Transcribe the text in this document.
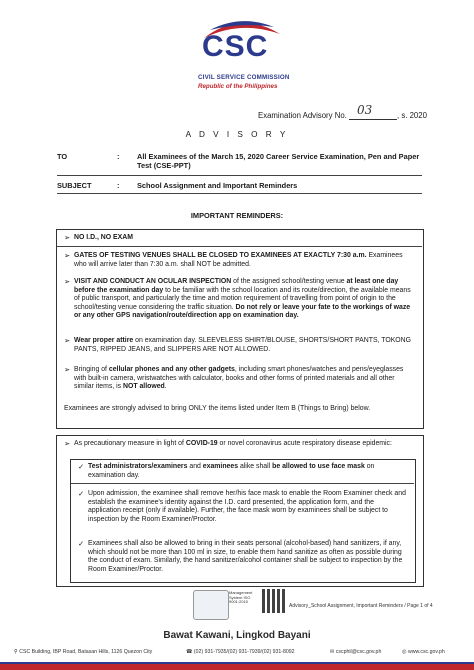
CSC
CIVIL SERVICE COMMISSION
Republic of the Philippines
Examination Advisory No. 03	, s. 2020
A D V I S O R Y
TO	: All Examinees of the March 15, 2020 Career Service Examination, Pen and Paper Test (CSE-PPT)
SUBJECT	: School Assignment and Important Reminders
IMPORTANT REMINDERS:
➢ NO I.D., NO EXAM
➢ GATES OF TESTING VENUES SHALL BE CLOSED TO EXAMINEES AT EXACTLY 7:30 a.m. Examinees who will arrive later than 7:30 a.m. shall NOT be admitted.
➢ VISIT AND CONDUCT AN OCULAR INSPECTION of the assigned school/testing venue at least one day before the examination day to be familiar with the school location and its route/direction, the available means of public transport, and particularly the time and motion requirement of travelling from point of origin to the school/testing venue considering the traffic situation. Do not rely or leave your fate to the workings of waze or any other GPS navigation/route/direction app on examination day.
➢ Wear proper attire on examination day. SLEEVELESS SHIRT/BLOUSE, SHORTS/SHORT PANTS, TOKONG PANTS, RIPPED JEANS, and SLIPPERS ARE NOT ALLOWED.
➢ Bringing of cellular phones and any other gadgets, including smart phones/watches and pens/eyeglasses with built-in camera, wristwatches with calculator, books and other forms of printed materials and all other similar items, is NOT allowed.
Examinees are strongly advised to bring ONLY the items listed under Item B (Things to Bring) below.
➢ As precautionary measure in light of COVID-19 or novel coronavirus acute respiratory disease epidemic:
✓ Test administrators/examiners and examinees alike shall be allowed to use face mask on examination day.
✓ Upon admission, the examinee shall remove her/his face mask to enable the Room Examiner check and establish the examinee's identity against the I.D. card presented, the application form, and the application receipt (only if available). Further, the face mask worn by examinees shall be subject to inspection by the Room Examiner/Proctor.
✓ Examinees shall also be allowed to bring in their seats personal (alcohol-based) hand sanitizers, if any, which should not be more than 100 ml in size, to enable them hand sanitize as often as possible during the conduct of exam. Similarly, the hand sanitizer/alcohol container shall be subject to inspection by the Room Examiner/Proctor.
Management System ISO 9001:2015
Advisory_School Assignment, Important Reminders / Page 1 of 4
Bawat Kawani, Lingkod Bayani
⚲ CSC Building, IBP Road, Batasan Hills, 1126 Quezon City	☎ (02) 931-7935/(02) 931-7939/(02) 931-8092	✉ cscphil@csc.gov.ph	◎ www.csc.gov.ph
